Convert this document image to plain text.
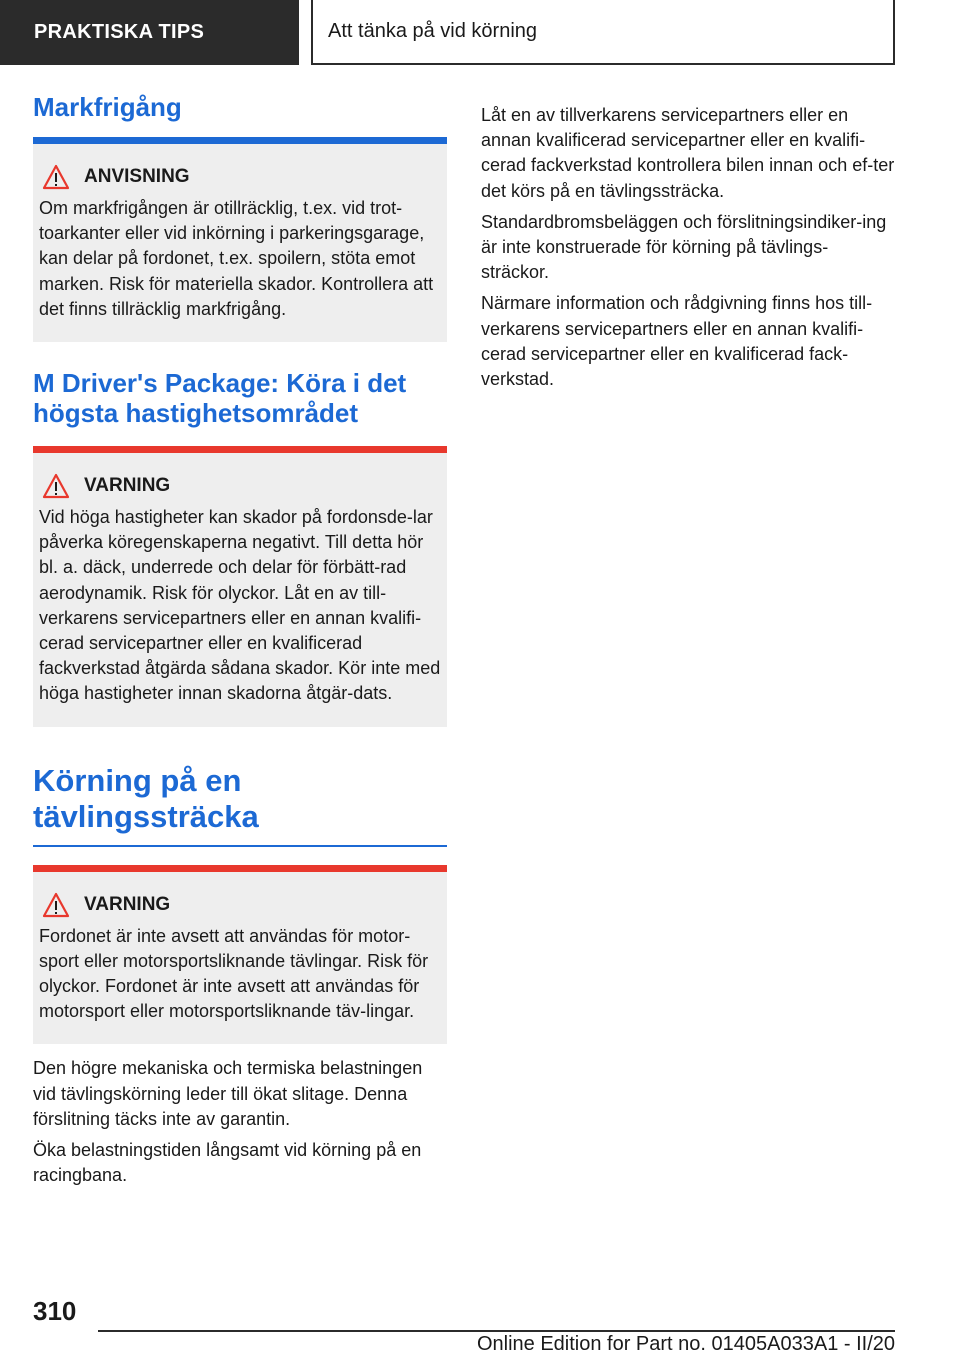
PRAKTISKA TIPS	Att tänka på vid körning
Markfrigång
ANVISNING
Om markfrigången är otillräcklig, t.ex. vid trot‐toarkanter eller vid inkörning i parkeringsgarage, kan delar på fordonet, t.ex. spoilern, stöta emot marken. Risk för materiella skador. Kontrollera att det finns tillräcklig markfrigång.
M Driver's Package: Köra i det högsta hastighetsområdet
VARNING
Vid höga hastigheter kan skador på fordonsde‐lar påverka köregenskaperna negativt. Till detta hör bl. a. däck, underrede och delar för förbätt‐rad aerodynamik. Risk för olyckor. Låt en av till‐verkarens servicepartners eller en annan kvalifi‐cerad servicepartner eller en kvalificerad fackverkstad åtgärda sådana skador. Kör inte med höga hastigheter innan skadorna åtgär‐dats.
Körning på en tävlingssträcka
VARNING
Fordonet är inte avsett att användas för motor‐sport eller motorsportsliknande tävlingar. Risk för olyckor. Fordonet är inte avsett att användas för motorsport eller motorsportsliknande täv‐lingar.

Den högre mekaniska och termiska belastningen vid tävlingskörning leder till ökat slitage. Denna förslitning täcks inte av garantin.

Öka belastningstiden långsamt vid körning på en racingbana.

Låt en av tillverkarens servicepartners eller en annan kvalificerad servicepartner eller en kvalifi‐cerad fackverkstad kontrollera bilen innan och ef‐ter det körs på en tävlingssträcka.

Standardbromsbeläggen och förslitningsindiker‐ing är inte konstruerade för körning på tävlings‐sträckor.

Närmare information och rådgivning finns hos till‐verkarens servicepartners eller en annan kvalifi‐cerad servicepartner eller en kvalificerad fack‐verkstad.

310
Online Edition for Part no. 01405A033A1 - II/20
